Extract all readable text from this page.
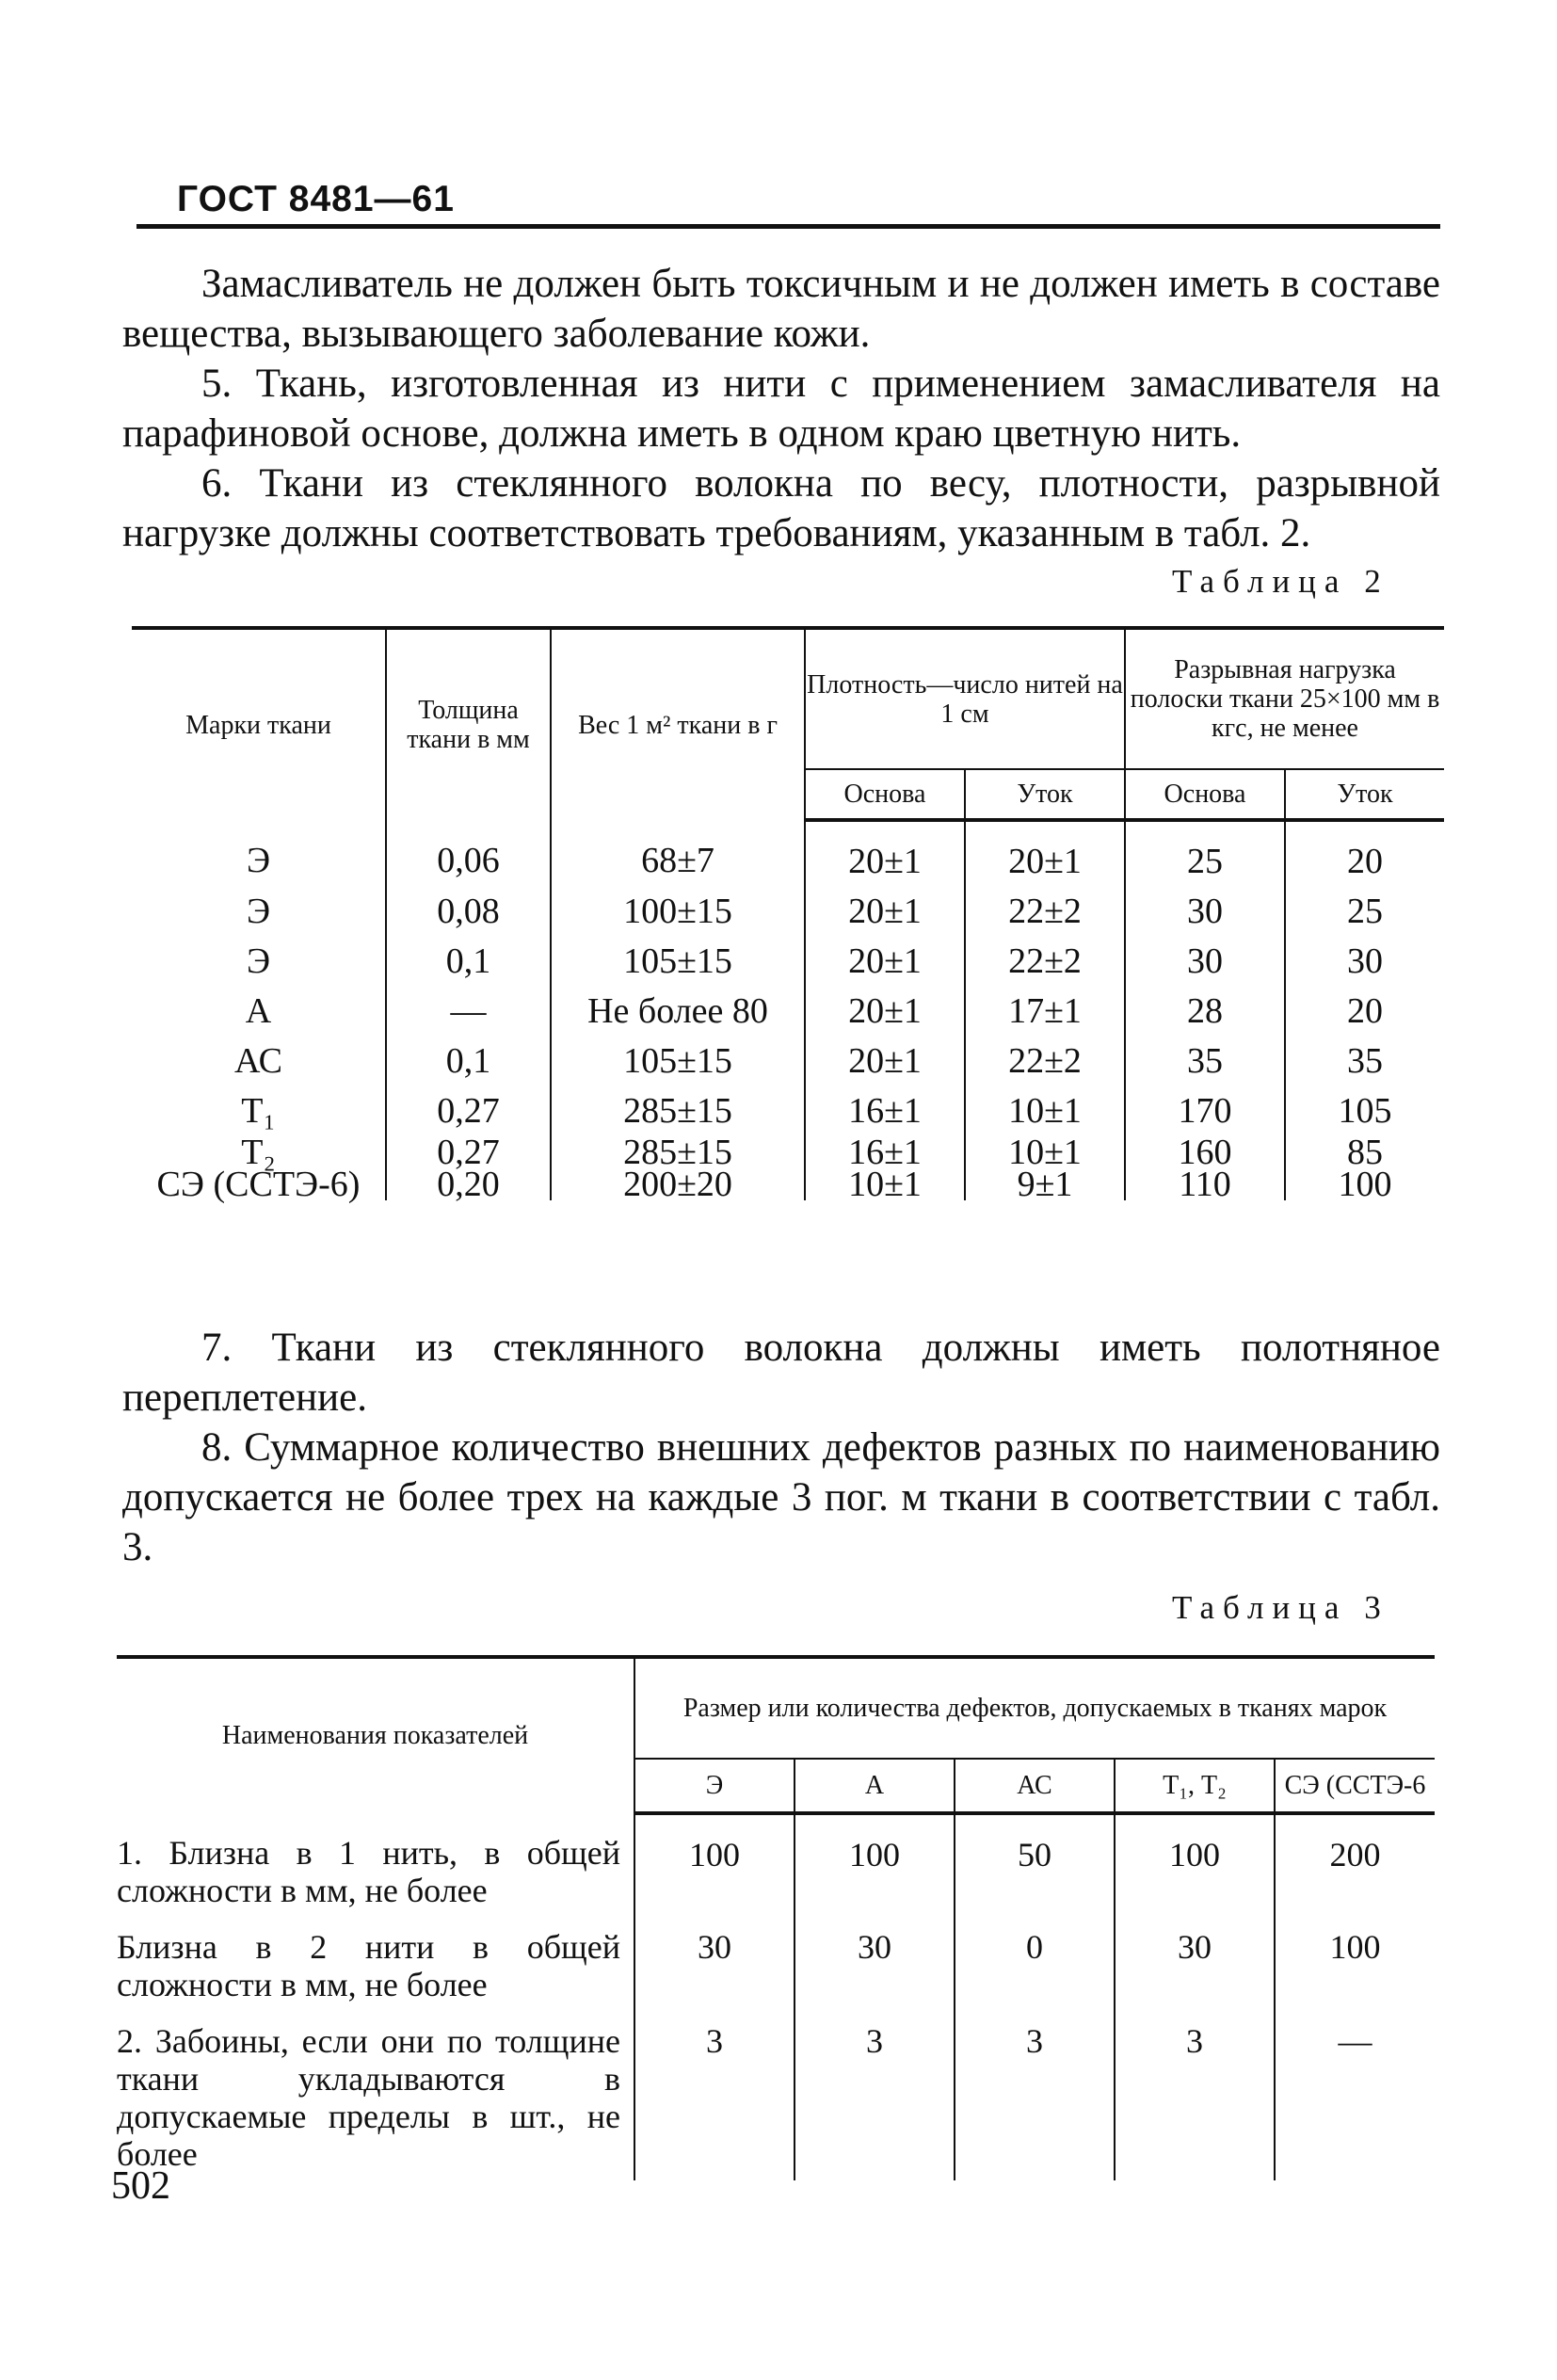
ГОСТ 8481—61

Замасливатель не должен быть токсичным и не должен иметь в составе вещества, вызывающего заболевание кожи.

5. Ткань, изготовленная из нити с применением замасливателя на парафиновой основе, должна иметь в одном краю цветную нить.

6. Ткани из стеклянного волокна по весу, плотности, разрывной нагрузке должны соответствовать требованиям, указанным в табл. 2.

Таблица 2
Марки ткани	Толщина ткани в мм	Вес 1 м² ткани в г	Плотность—число нитей на 1 см		Разрывная нагрузка полоски ткани 25×100 мм в кгс, не менее	
			Основа	Уток	Основа	Уток
Э	0,06	68±7	20±1	20±1	25	20
Э	0,08	100±15	20±1	22±2	30	25
Э	0,1	105±15	20±1	22±2	30	30
А	—	Не более 80	20±1	17±1	28	20
АС	0,1	105±15	20±1	22±2	35	35
Т₁	0,27	285±15	16±1	10±1	170	105
Т₂	0,27	285±15	16±1	10±1	160	85
СЭ (ССТЭ-6)	0,20	200±20	10±1	9±1	110	100

7. Ткани из стеклянного волокна должны иметь полотняное переплетение.

8. Суммарное количество внешних дефектов разных по наименованию допускается не более трех на каждые 3 пог. м ткани в соответствии с табл. 3.

Таблица 3
Наименования показателей	Размер или количества дефектов, допускаемых в тканях марок				
	Э	А	АС	Т₁, Т₂	СЭ (ССТЭ-6
1. Близна в 1 нить, в общей сложности в мм, не более	100	100	50	100	200
Близна в 2 нити в общей сложности в мм, не более	30	30	0	30	100
2. Забоины, если они по толщине ткани укладываются в допускаемые пределы в шт., не более	3	3	3	3	—
502
